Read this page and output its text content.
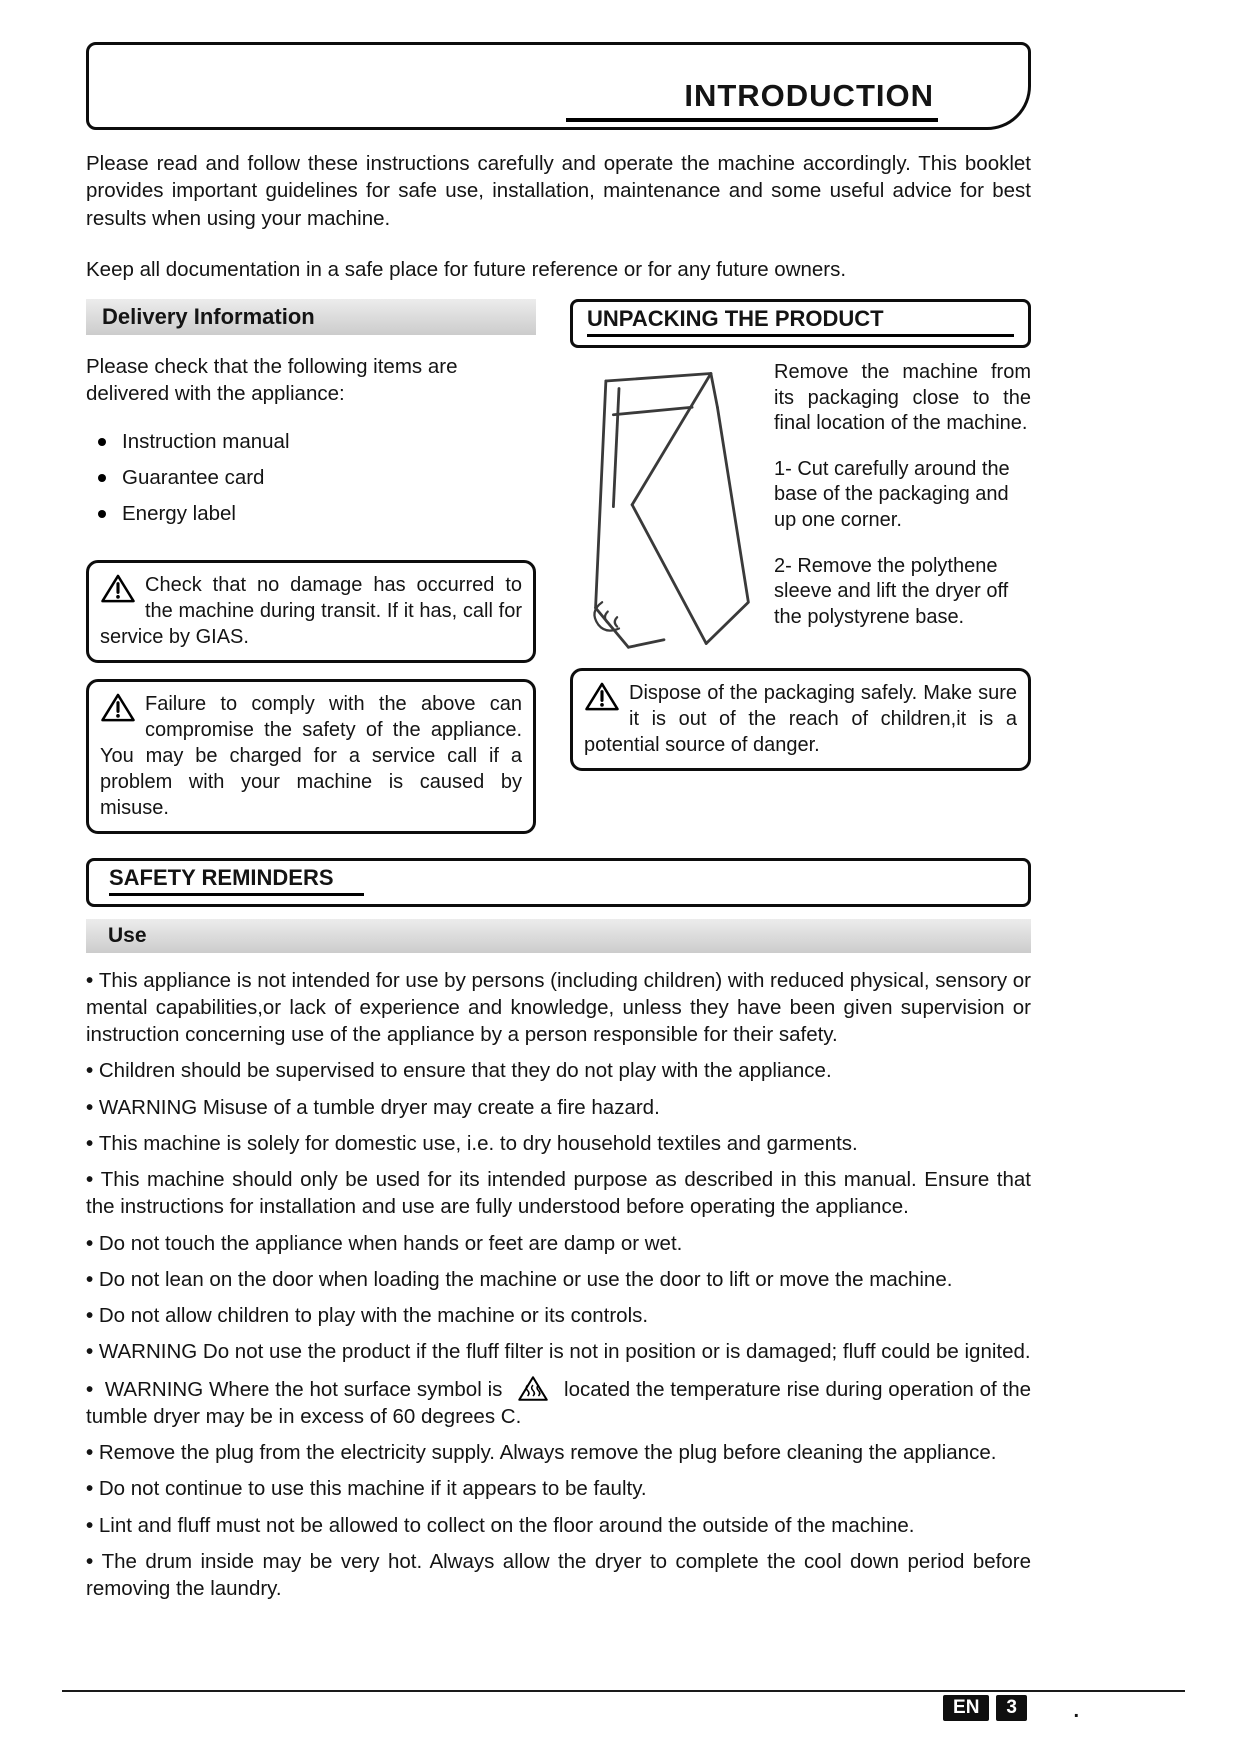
INTRODUCTION

Please read and follow these instructions carefully and operate the machine accordingly. This booklet provides important guidelines for safe use, installation, maintenance and some useful advice for best results when using your machine.

Keep all documentation in a safe place for future reference or for any future owners.

Delivery Information

Please check that the following items are delivered with the appliance:

Instruction manual
Guarantee card
Energy label
Check that no damage has occurred to the machine during transit. If it has, call for service by GIAS.
Failure to comply with the above can compromise the safety of the appliance. You may be charged for a service call if a problem with your machine is caused by misuse.
UNPACKING THE PRODUCT

Remove the machine from its packaging close to the final location of the machine.

1- Cut carefully around the base of the packaging and up one corner.

2- Remove the polythene sleeve and lift the dryer off the polystyrene base.

Dispose of the packaging safely. Make sure it is out of the reach of children,it is a potential source of danger.
SAFETY REMINDERS
Use

• This appliance is not intended for use by persons (including children) with reduced physical, sensory or mental capabilities,or lack of experience and knowledge, unless they have been given supervision or instruction concerning use of the appliance by a person responsible for their safety.

• Children should be supervised to ensure that they do not play with the appliance.

• WARNING Misuse of a tumble dryer may create a fire hazard.

• This machine is solely for domestic use, i.e. to dry household textiles and garments.

• This machine should only be used for its intended purpose as described in this manual. Ensure that the instructions for installation and use are fully understood before operating the appliance.

• Do not touch the appliance when hands or feet are damp or wet.

• Do not lean on the door when loading the machine or use the door to lift or move the machine.

• Do not allow children to play with the machine or its controls.

• WARNING Do not use the product if the fluff filter is not in position or is damaged; fluff could be ignited.

• WARNING Where the hot surface symbol is	located the temperature rise during operation of the tumble dryer may be in excess of 60 degrees C.

• Remove the plug from the electricity supply. Always remove the plug before cleaning the appliance.

• Do not continue to use this machine if it appears to be faulty.

• Lint and fluff must not be allowed to collect on the floor around the outside of the machine.

• The drum inside may be very hot. Always allow the dryer to complete the cool down period before removing the laundry.

EN	3	.
